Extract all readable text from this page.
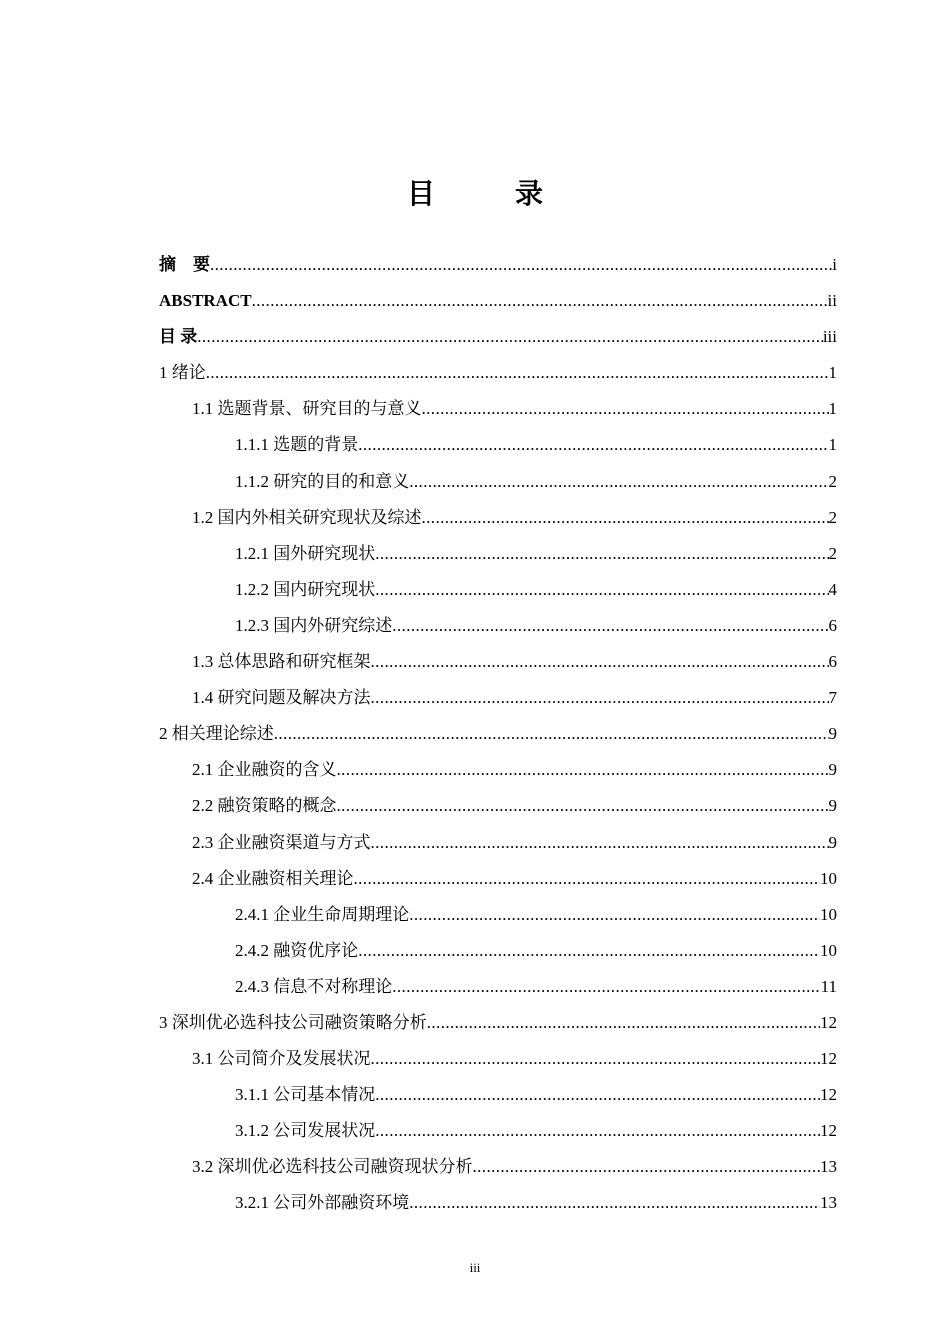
目　录
摘　要 .....	i
ABSTRACT .....	ii
目 录 .....	iii
1 绪论 .....	1
1.1 选题背景、研究目的与意义 .....	1
1.1.1 选题的背景 .....	1
1.1.2 研究的目的和意义 .....	2
1.2 国内外相关研究现状及综述 .....	2
1.2.1 国外研究现状 .....	2
1.2.2 国内研究现状 .....	4
1.2.3 国内外研究综述 .....	6
1.3 总体思路和研究框架 .....	6
1.4 研究问题及解决方法 .....	7
2 相关理论综述 .....	9
2.1 企业融资的含义 .....	9
2.2 融资策略的概念 .....	9
2.3 企业融资渠道与方式 .....	9
2.4 企业融资相关理论 .....	10
2.4.1 企业生命周期理论 .....	10
2.4.2 融资优序论 .....	10
2.4.3 信息不对称理论 .....	11
3 深圳优必选科技公司融资策略分析 .....	12
3.1 公司简介及发展状况 .....	12
3.1.1 公司基本情况 .....	12
3.1.2 公司发展状况 .....	12
3.2 深圳优必选科技公司融资现状分析 .....	13
3.2.1 公司外部融资环境 .....	13
iii
